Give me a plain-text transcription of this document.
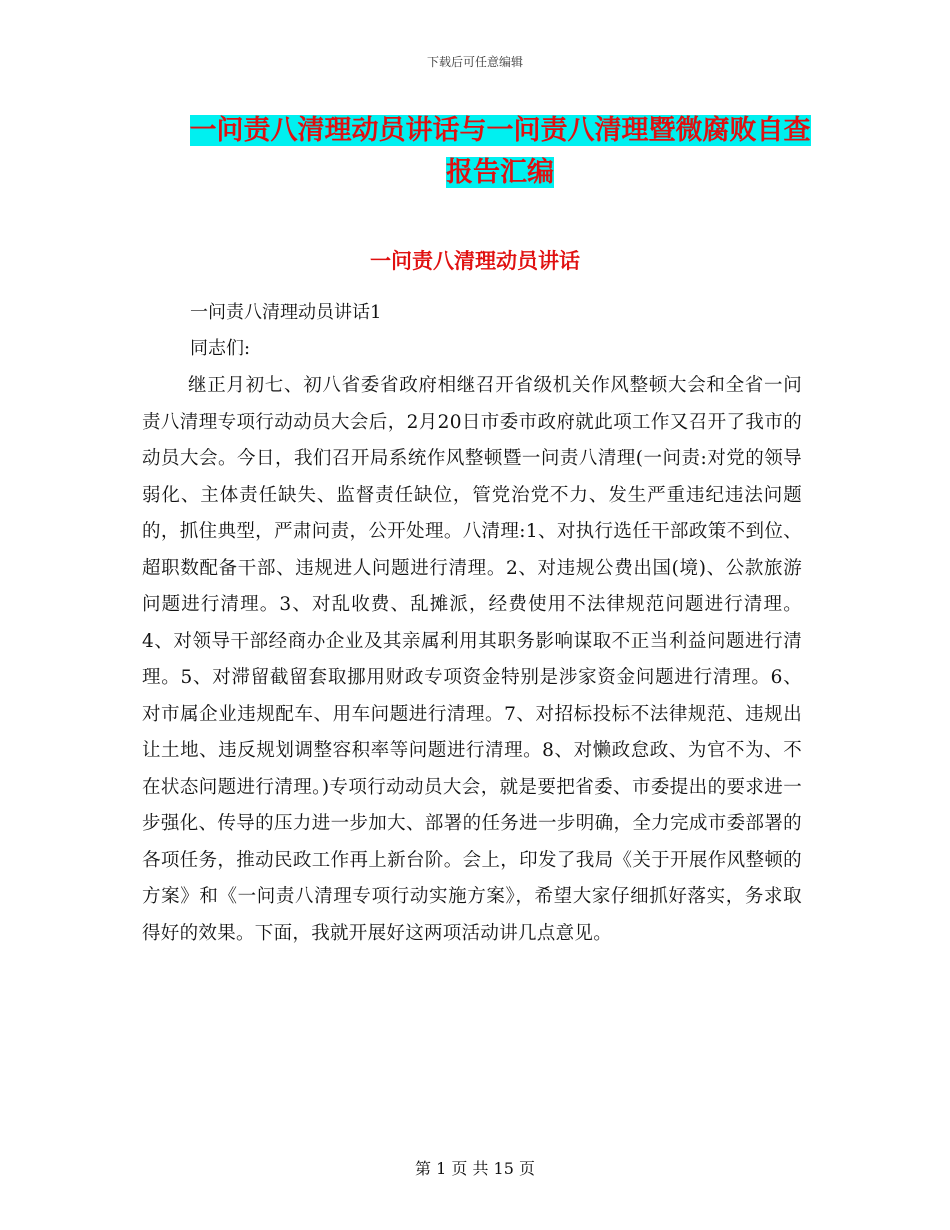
下载后可任意编辑
一问责八清理动员讲话与一问责八清理暨微腐败自查
报告汇编
一问责八清理动员讲话
一问责八清理动员讲话1
同志们:
继正月初七、初八省委省政府相继召开省级机关作风整顿大会和全省一问责八清理专项行动动员大会后，2月20日市委市政府就此项工作又召开了我市的动员大会。今日，我们召开局系统作风整顿暨一问责八清理(一问责:对党的领导弱化、主体责任缺失、监督责任缺位，管党治党不力、发生严重违纪违法问题的，抓住典型，严肃问责，公开处理。八清理:1、对执行选任干部政策不到位、超职数配备干部、违规进人问题进行清理。2、对违规公费出国(境)、公款旅游问题进行清理。3、对乱收费、乱摊派，经费使用不法律规范问题进行清理。4、对领导干部经商办企业及其亲属利用其职务影响谋取不正当利益问题进行清理。5、对滞留截留套取挪用财政专项资金特别是涉家资金问题进行清理。6、对市属企业违规配车、用车问题进行清理。7、对招标投标不法律规范、违规出让土地、违反规划调整容积率等问题进行清理。8、对懒政怠政、为官不为、不在状态问题进行清理。)专项行动动员大会，就是要把省委、市委提出的要求进一步强化、传导的压力进一步加大、部署的任务进一步明确，全力完成市委部署的各项任务，推动民政工作再上新台阶。会上，印发了我局《关于开展作风整顿的方案》和《一问责八清理专项行动实施方案》，希望大家仔细抓好落实，务求取得好的效果。下面，我就开展好这两项活动讲几点意见。
第 1 页 共 15 页
